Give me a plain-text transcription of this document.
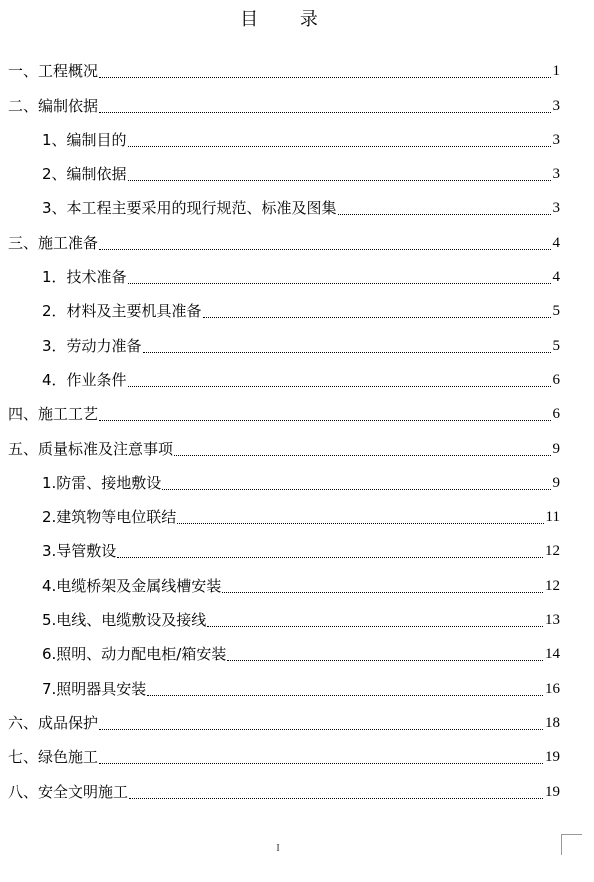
目 录
一、工程概况	1
二、编制依据	3
1、编制目的	3
2、编制依据	3
3、本工程主要采用的现行规范、标准及图集	3
三、施工准备	4
1．技术准备	4
2．材料及主要机具准备	5
3．劳动力准备	5
4．作业条件	6
四、施工工艺	6
五、质量标准及注意事项	9
1.防雷、接地敷设	9
2.建筑物等电位联结	11
3.导管敷设	12
4.电缆桥架及金属线槽安装	12
5.电线、电缆敷设及接线	13
6.照明、动力配电柜/箱安装	14
7.照明器具安装	16
六、成品保护	18
七、绿色施工	19
八、安全文明施工	19
I
